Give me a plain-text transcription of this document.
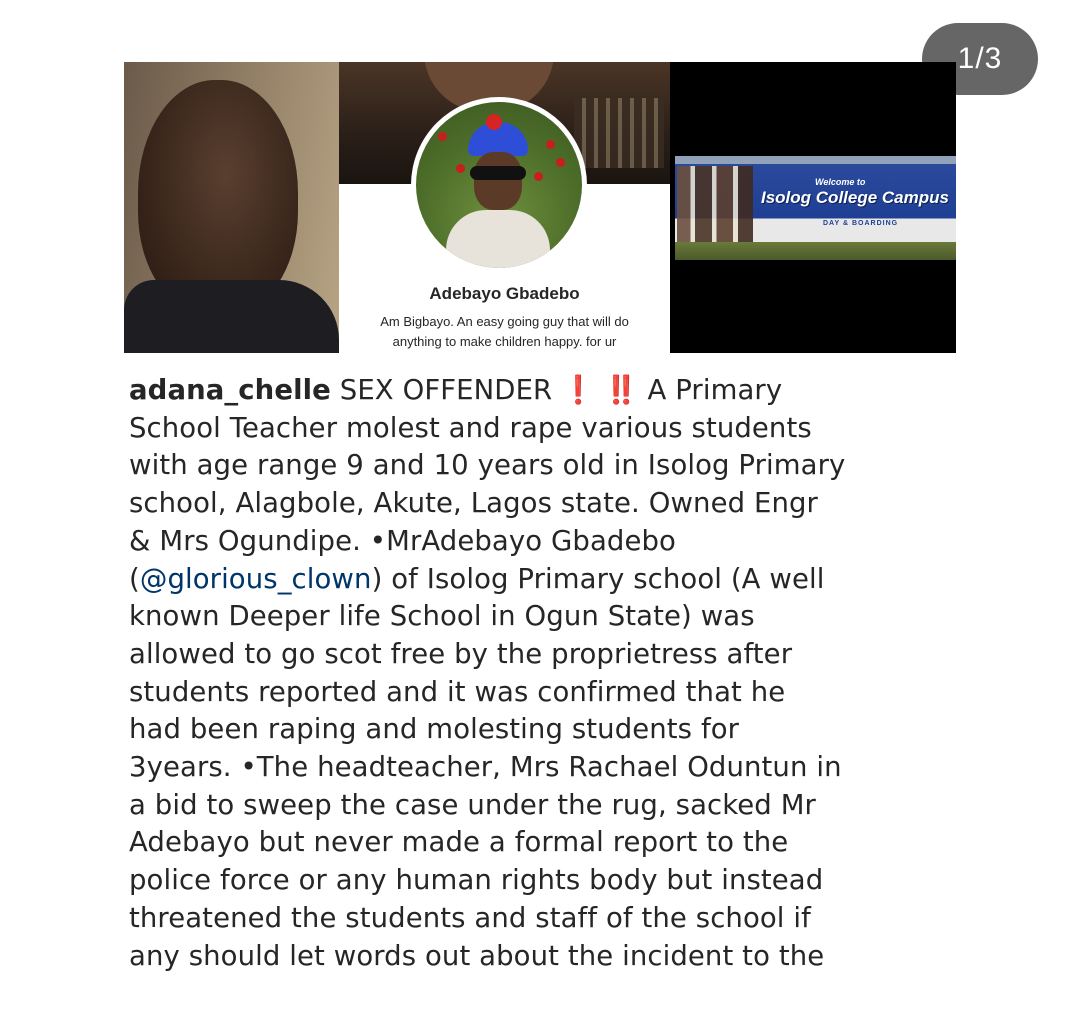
1/3
Adebayo Gbadebo
Am Bigbayo. An easy going guy that will do
anything to make children happy. for ur
Welcome to
Isolog College Campus
DAY & BOARDING
adana_chelle SEX OFFENDER ❗ ‼️ A Primary
School Teacher molest and rape various students
with age range 9 and 10 years old in Isolog Primary
school, Alagbole, Akute, Lagos state. Owned Engr
& Mrs Ogundipe. •MrAdebayo Gbadebo
(@glorious_clown) of Isolog Primary school (A well
known Deeper life School in Ogun State) was
allowed to go scot free by the proprietress after
students reported and it was confirmed that he
had been raping and molesting students for
3years. •The headteacher, Mrs Rachael Oduntun in
a bid to sweep the case under the rug, sacked Mr
Adebayo but never made a formal report to the
police force or any human rights body but instead
threatened the students and staff of the school if
any should let words out about the incident to the
